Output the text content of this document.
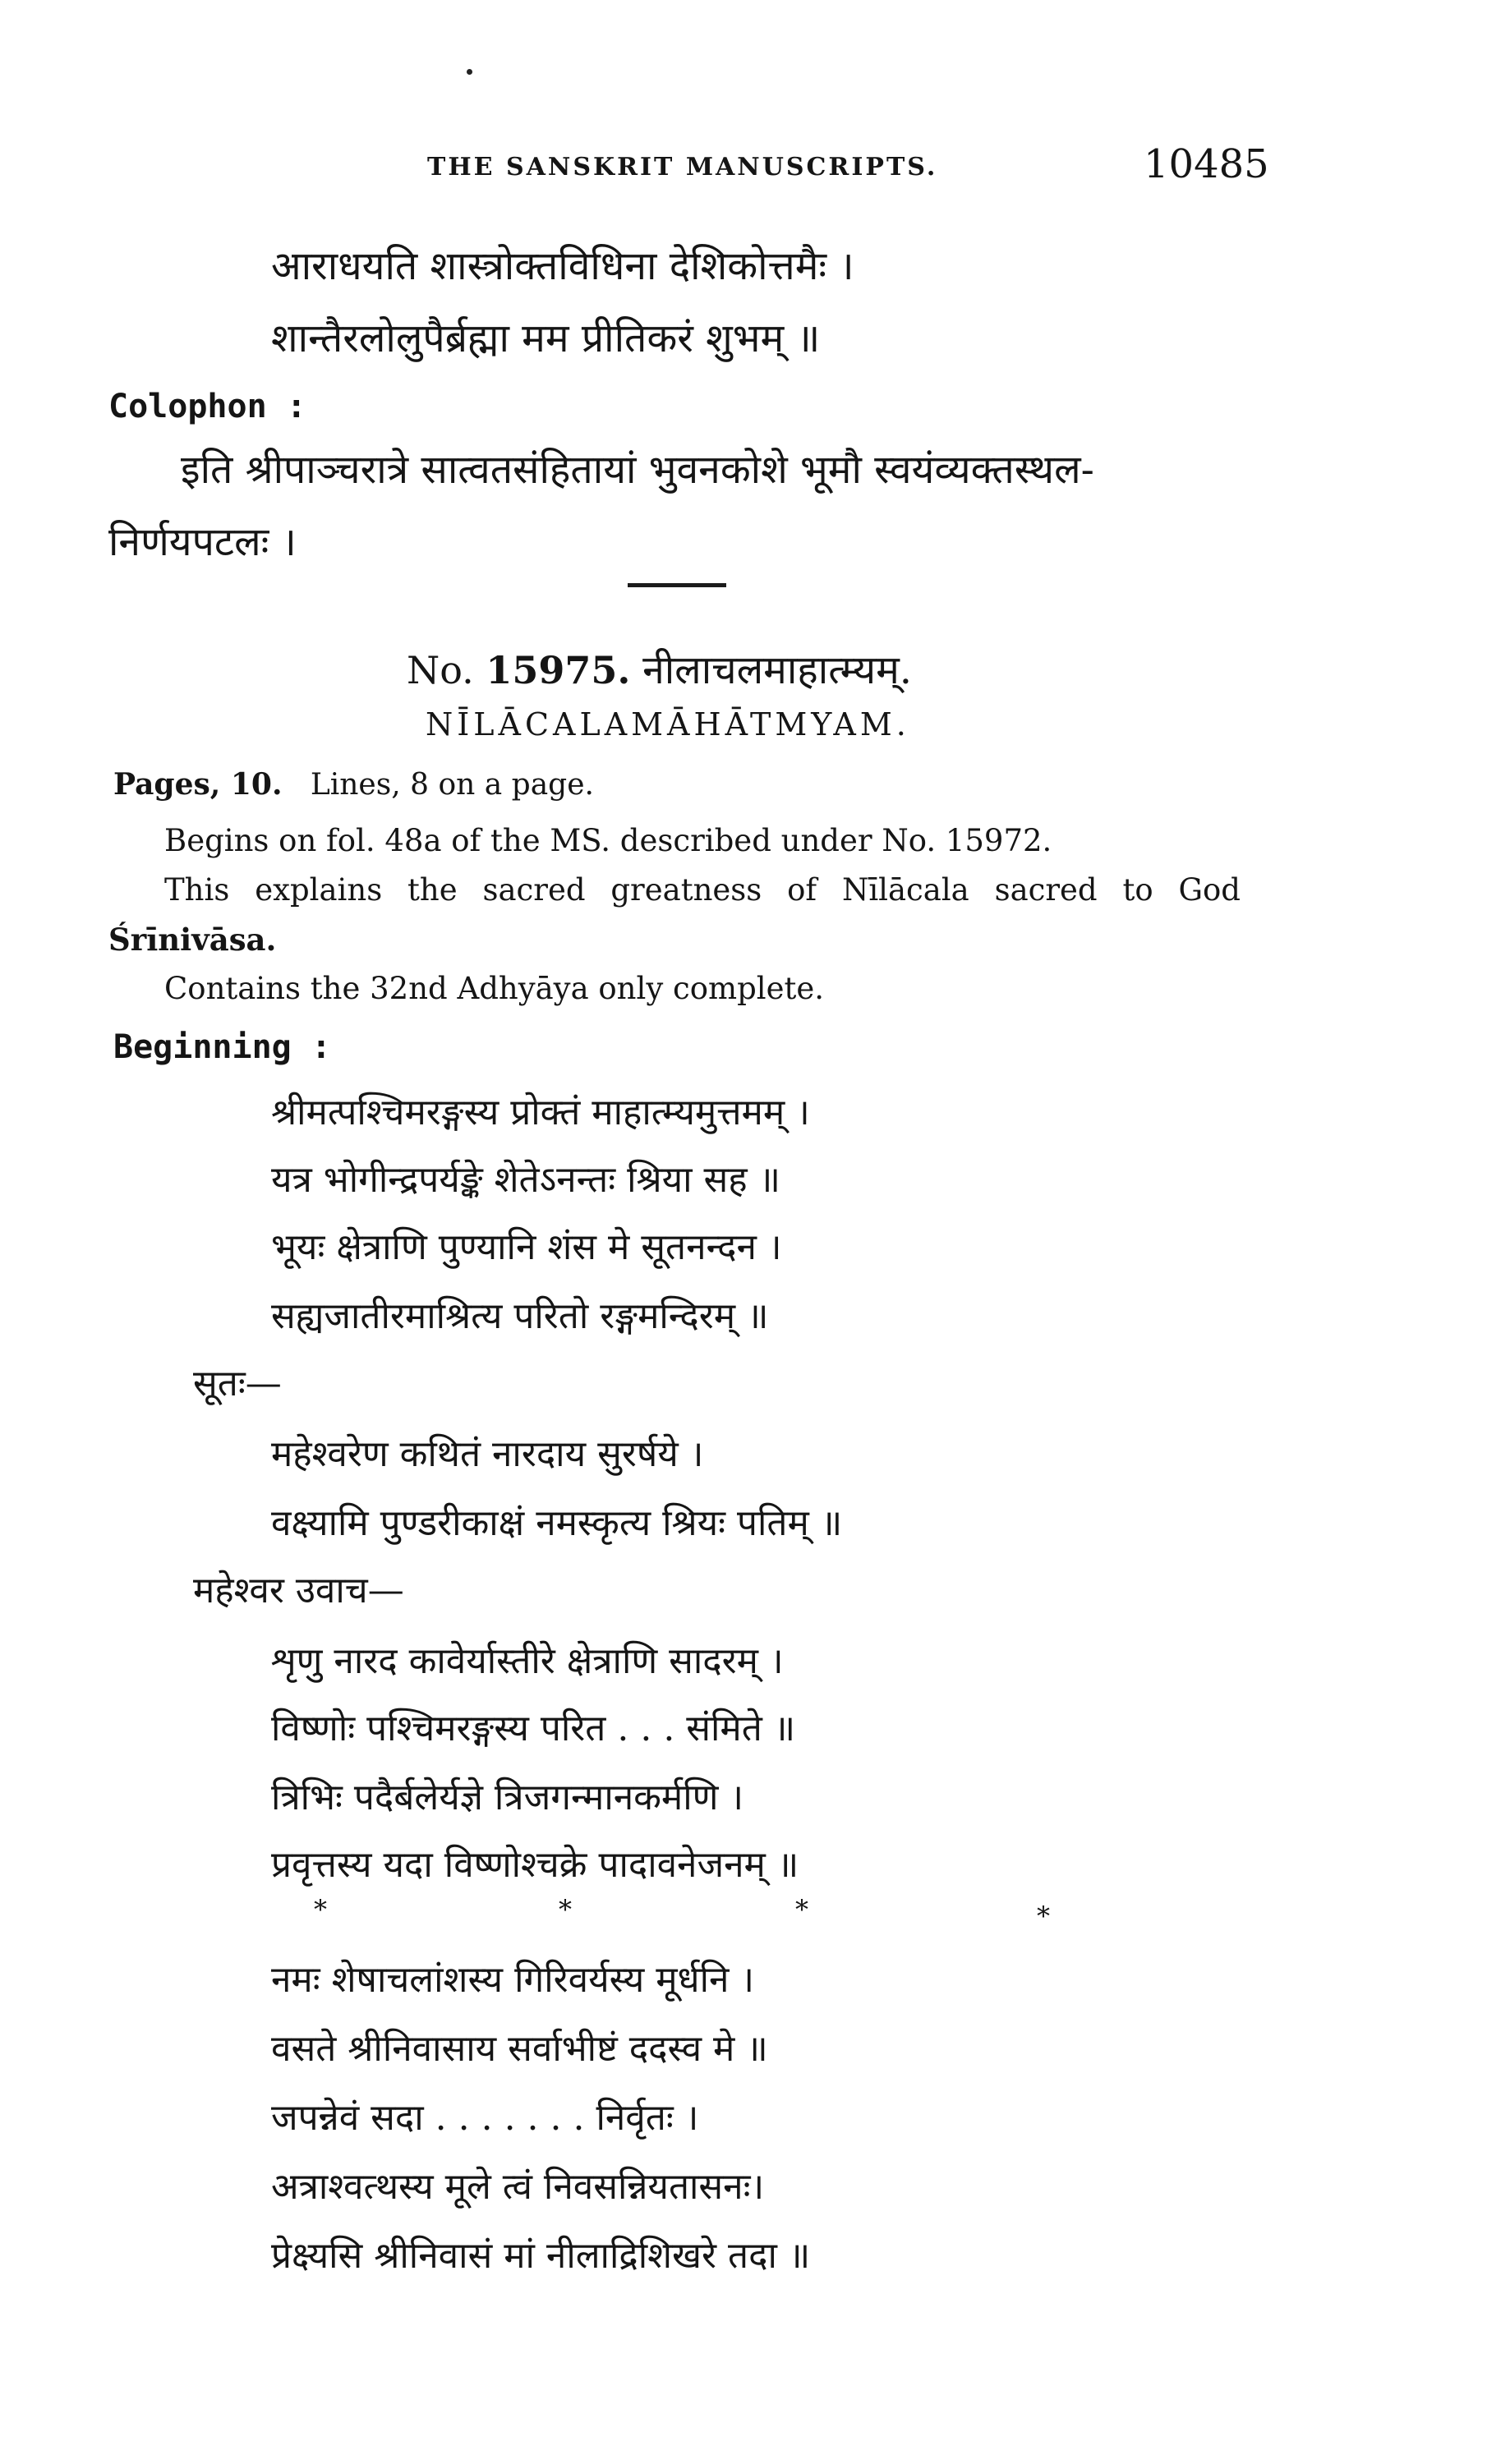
THE SANSKRIT MANUSCRIPTS.	10485
आराधयति शास्त्रोक्तविधिना देशिकोत्तमैः ।
शान्तैरलोलुपैर्ब्रह्मा मम प्रीतिकरं शुभम् ॥
Colophon :
इति श्रीपाञ्चरात्रे सात्वतसंहितायां भुवनकोशे भूमौ स्वयंव्यक्तस्थल-
निर्णयपटलः ।
No. 15975. नीलाचलमाहात्म्यम्.
NĪLĀCALAMĀHĀTMYAM.
Pages, 10. Lines, 8 on a page.
Begins on fol. 48a of the MS. described under No. 15972.
This explains the sacred greatness of Nīlācala sacred to God
Śrīnivāsa.
Contains the 32nd Adhyāya only complete.
Beginning :
श्रीमत्पश्चिमरङ्गस्य प्रोक्तं माहात्म्यमुत्तमम् ।
यत्र भोगीन्द्रपर्यङ्के शेतेऽनन्तः श्रिया सह ॥
भूयः क्षेत्राणि पुण्यानि शंस मे सूतनन्दन ।
सह्यजातीरमाश्रित्य परितो रङ्गमन्दिरम् ॥
सूतः—
महेश्वरेण कथितं नारदाय सुरर्षये ।
वक्ष्यामि पुण्डरीकाक्षं नमस्कृत्य श्रियः पतिम् ॥
महेश्वर उवाच—
शृणु नारद कावेर्यास्तीरे क्षेत्राणि सादरम् ।
विष्णोः पश्चिमरङ्गस्य परित . . . संमिते ॥
त्रिभिः पदैर्बलेर्यज्ञे त्रिजगन्मानकर्मणि ।
प्रवृत्तस्य यदा विष्णोश्चक्रे पादावनेजनम् ॥
*	*	*	*
नमः शेषाचलांशस्य गिरिवर्यस्य मूर्धनि ।
वसते श्रीनिवासाय सर्वाभीष्टं ददस्व मे ॥
जपन्नेवं सदा . . . . . . . निर्वृतः ।
अत्राश्वत्थस्य मूले त्वं निवसन्नियतासनः।
प्रेक्ष्यसि श्रीनिवासं मां नीलाद्रिशिखरे तदा ॥
